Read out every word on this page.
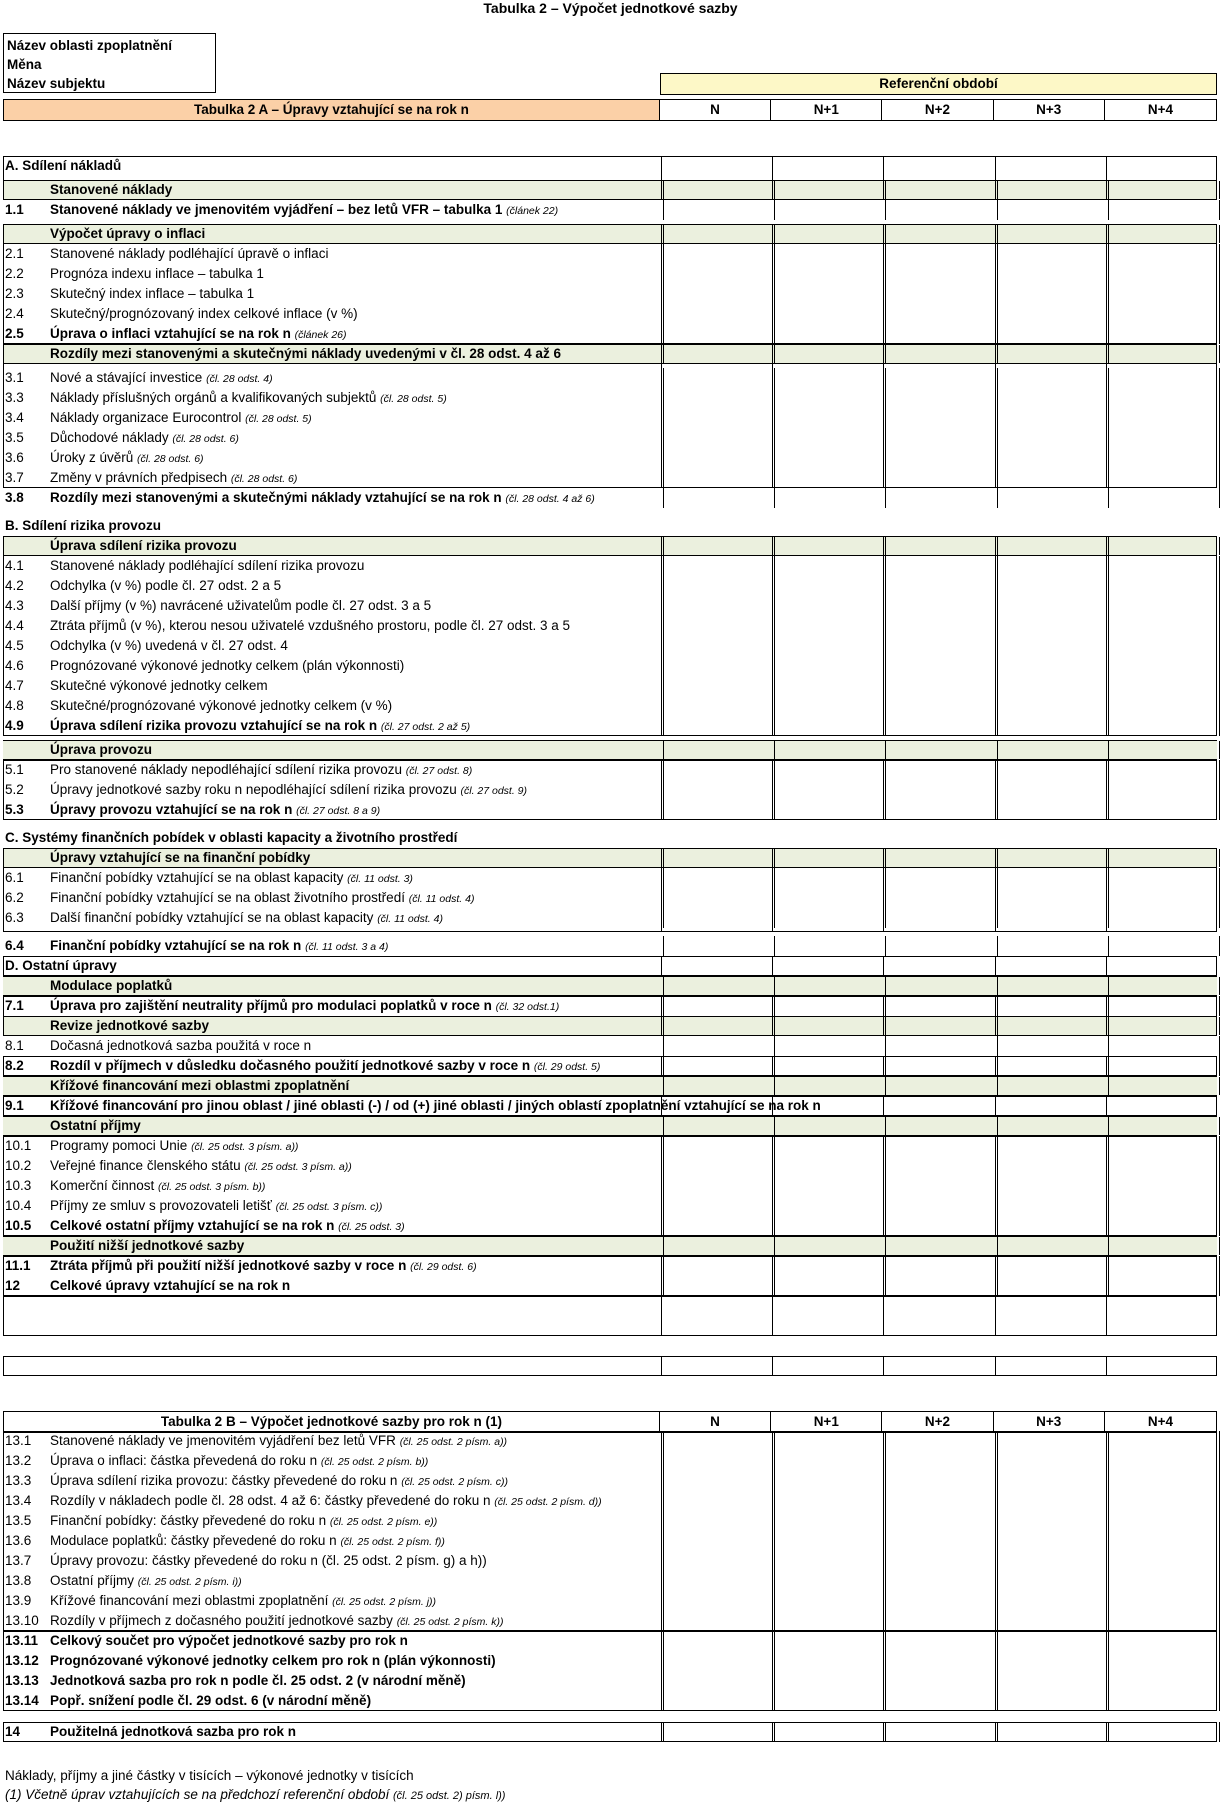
Tabulka 2 – Výpočet jednotkové sazby
Název oblasti zpoplatnění
Měna
Název subjektu	Referenční období
Tabulka 2 A – Úpravy vztahující se na rok n	N	N+1	N+2	N+3	N+4
A. Sdílení nákladů
Stanovené náklady
1.1 Stanovené náklady ve jmenovitém vyjádření – bez letů VFR – tabulka 1 (článek 22)
Výpočet úpravy o inflaci
2.1 Stanovené náklady podléhající úpravě o inflaci
2.2 Prognóza indexu inflace – tabulka 1
2.3 Skutečný index inflace – tabulka 1
2.4 Skutečný/prognózovaný index celkové inflace (v %)
2.5 Úprava o inflaci vztahující se na rok n (článek 26)
Rozdíly mezi stanovenými a skutečnými náklady uvedenými v čl. 28 odst. 4 až 6
3.1 Nové a stávající investice (čl. 28 odst. 4)
3.3 Náklady příslušných orgánů a kvalifikovaných subjektů (čl. 28 odst. 5)
3.4 Náklady organizace Eurocontrol (čl. 28 odst. 5)
3.5 Důchodové náklady (čl. 28 odst. 6)
3.6 Úroky z úvěrů (čl. 28 odst. 6)
3.7 Změny v právních předpisech (čl. 28 odst. 6)
3.8 Rozdíly mezi stanovenými a skutečnými náklady vztahující se na rok n (čl. 28 odst. 4 až 6)
B. Sdílení rizika provozu
Úprava sdílení rizika provozu
4.1 Stanovené náklady podléhající sdílení rizika provozu
4.2 Odchylka (v %) podle čl. 27 odst. 2 a 5
4.3 Další příjmy (v %) navrácené uživatelům podle čl. 27 odst. 3 a 5
4.4 Ztráta příjmů (v %), kterou nesou uživatelé vzdušného prostoru, podle čl. 27 odst. 3 a 5
4.5 Odchylka (v %) uvedená v čl. 27 odst. 4
4.6 Prognózované výkonové jednotky celkem (plán výkonnosti)
4.7 Skutečné výkonové jednotky celkem
4.8 Skutečné/prognózované výkonové jednotky celkem (v %)
4.9 Úprava sdílení rizika provozu vztahující se na rok n (čl. 27 odst. 2 až 5)
Úprava provozu
5.1 Pro stanovené náklady nepodléhající sdílení rizika provozu (čl. 27 odst. 8)
5.2 Úpravy jednotkové sazby roku n nepodléhající sdílení rizika provozu (čl. 27 odst. 9)
5.3 Úpravy provozu vztahující se na rok n (čl. 27 odst. 8 a 9)
C. Systémy finančních pobídek v oblasti kapacity a životního prostředí
Úpravy vztahující se na finanční pobídky
6.1 Finanční pobídky vztahující se na oblast kapacity (čl. 11 odst. 3)
6.2 Finanční pobídky vztahující se na oblast životního prostředí (čl. 11 odst. 4)
6.3 Další finanční pobídky vztahující se na oblast kapacity (čl. 11 odst. 4)
6.4 Finanční pobídky vztahující se na rok n (čl. 11 odst. 3 a 4)
D. Ostatní úpravy
Modulace poplatků
7.1 Úprava pro zajištění neutrality příjmů pro modulaci poplatků v roce n (čl. 32 odst.1)
Revize jednotkové sazby
8.1 Dočasná jednotková sazba použitá v roce n
8.2 Rozdíl v příjmech v důsledku dočasného použití jednotkové sazby v roce n (čl. 29 odst. 5)
Křížové financování mezi oblastmi zpoplatnění
9.1 Křížové financování pro jinou oblast / jiné oblasti (-) / od (+) jiné oblasti / jiných oblastí zpoplatnění vztahující se na rok n
Ostatní příjmy
10.1 Programy pomoci Unie (čl. 25 odst. 3 písm. a))
10.2 Veřejné finance členského státu (čl. 25 odst. 3 písm. a))
10.3 Komerční činnost (čl. 25 odst. 3 písm. b))
10.4 Příjmy ze smluv s provozovateli letišť (čl. 25 odst. 3 písm. c))
10.5 Celkové ostatní příjmy vztahující se na rok n (čl. 25 odst. 3)
Použití nižší jednotkové sazby
11.1 Ztráta příjmů při použití nižší jednotkové sazby v roce n (čl. 29 odst. 6)
12 Celkové úpravy vztahující se na rok n
Tabulka 2 B – Výpočet jednotkové sazby pro rok n (1)	N	N+1	N+2	N+3	N+4
13.1 Stanovené náklady ve jmenovitém vyjádření bez letů VFR (čl. 25 odst. 2 písm. a))
13.2 Úprava o inflaci: částka převedená do roku n (čl. 25 odst. 2 písm. b))
13.3 Úprava sdílení rizika provozu: částky převedené do roku n (čl. 25 odst. 2 písm. c))
13.4 Rozdíly v nákladech podle čl. 28 odst. 4 až 6: částky převedené do roku n (čl. 25 odst. 2 písm. d))
13.5 Finanční pobídky: částky převedené do roku n (čl. 25 odst. 2 písm. e))
13.6 Modulace poplatků: částky převedené do roku n (čl. 25 odst. 2 písm. f))
13.7 Úpravy provozu: částky převedené do roku n (čl. 25 odst. 2 písm. g) a h))
13.8 Ostatní příjmy (čl. 25 odst. 2 písm. i))
13.9 Křížové financování mezi oblastmi zpoplatnění (čl. 25 odst. 2 písm. j))
13.10 Rozdíly v příjmech z dočasného použití jednotkové sazby (čl. 25 odst. 2 písm. k))
13.11 Celkový součet pro výpočet jednotkové sazby pro rok n
13.12 Prognózované výkonové jednotky celkem pro rok n (plán výkonnosti)
13.13 Jednotková sazba pro rok n podle čl. 25 odst. 2 (v národní měně)
13.14 Popř. snížení podle čl. 29 odst. 6 (v národní měně)
14 Použitelná jednotková sazba pro rok n
Náklady, příjmy a jiné částky v tisících – výkonové jednotky v tisících
(1) Včetně úprav vztahujících se na předchozí referenční období (čl. 25 odst. 2) písm. l))
